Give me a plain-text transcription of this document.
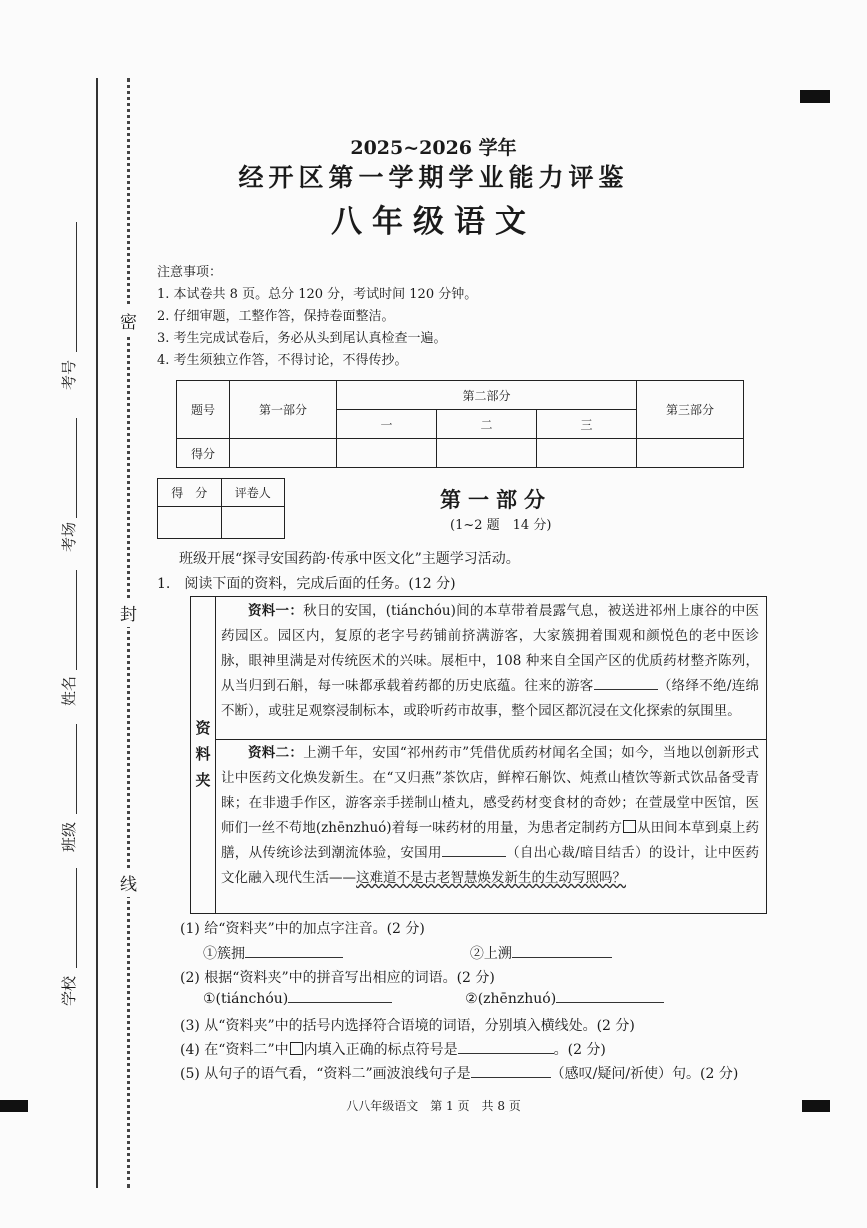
密
封
线
考号
考场
姓名
班级
学校
2025~2026 学年
经开区第一学期学业能力评鉴
八年级语文
注意事项：
1. 本试卷共 8 页。总分 120 分，考试时间 120 分钟。
2. 仔细审题，工整作答，保持卷面整洁。
3. 考生完成试卷后，务必从头到尾认真检查一遍。
4. 考生须独立作答，不得讨论，不得传抄。
题号	第一部分	第二部分			第三部分
		一	二	三	
得分					
得　分	评卷人
		第一部分
(1~2 题　14 分)
班级开展“探寻安国药韵·传承中医文化”主题学习活动。
1.　阅读下面的资料，完成后面的任务。(12 分)
资
料
夹
资料一：秋日的安国，(tiánchóu)间的本草带着晨露气息，被送进祁州上康谷的中医药园区。园区内，复原的老字号药铺前挤满游客，大家簇拥着围观和颜悦色的老中医诊脉，眼神里满是对传统医术的兴味。展柜中，108 种来自全国产区的优质药材整齐陈列，从当归到石斛，每一味都承载着药都的历史底蕴。往来的游客	（络绎不绝/连绵不断），或驻足观察浸制标本，或聆听药市故事，整个园区都沉浸在文化探索的氛围里。
资料二：上溯千年，安国“祁州药市”凭借优质药材闻名全国；如今，当地以创新形式让中医药文化焕发新生。在“又归燕”茶饮店，鲜榨石斛饮、炖煮山楂饮等新式饮品备受青睐；在非遗手作区，游客亲手搓制山楂丸，感受药材变食材的奇妙；在萱晟堂中医馆，医师们一丝不苟地(zhēnzhuó)着每一味药材的用量，为患者定制药方 从田间本草到桌上药膳，从传统诊法到潮流体验，安国用	（自出心裁/暗目结舌）的设计，让中医药文化融入现代生活——这难道不是古老智慧焕发新生的生动写照吗？
(1) 给“资料夹”中的加点字注音。(2 分)
①簇拥	②上溯
(2) 根据“资料夹”中的拼音写出相应的词语。(2 分)
①(tiánchóu)	②(zhēnzhuó)
(3) 从“资料夹”中的括号内选择符合语境的词语，分别填入横线处。(2 分)
(4) 在“资料二”中 内填入正确的标点符号是	。(2 分)
(5) 从句子的语气看，“资料二”画波浪线句子是	（感叹/疑问/祈使）句。(2 分)
八八年级语文　第 1 页　共 8 页
